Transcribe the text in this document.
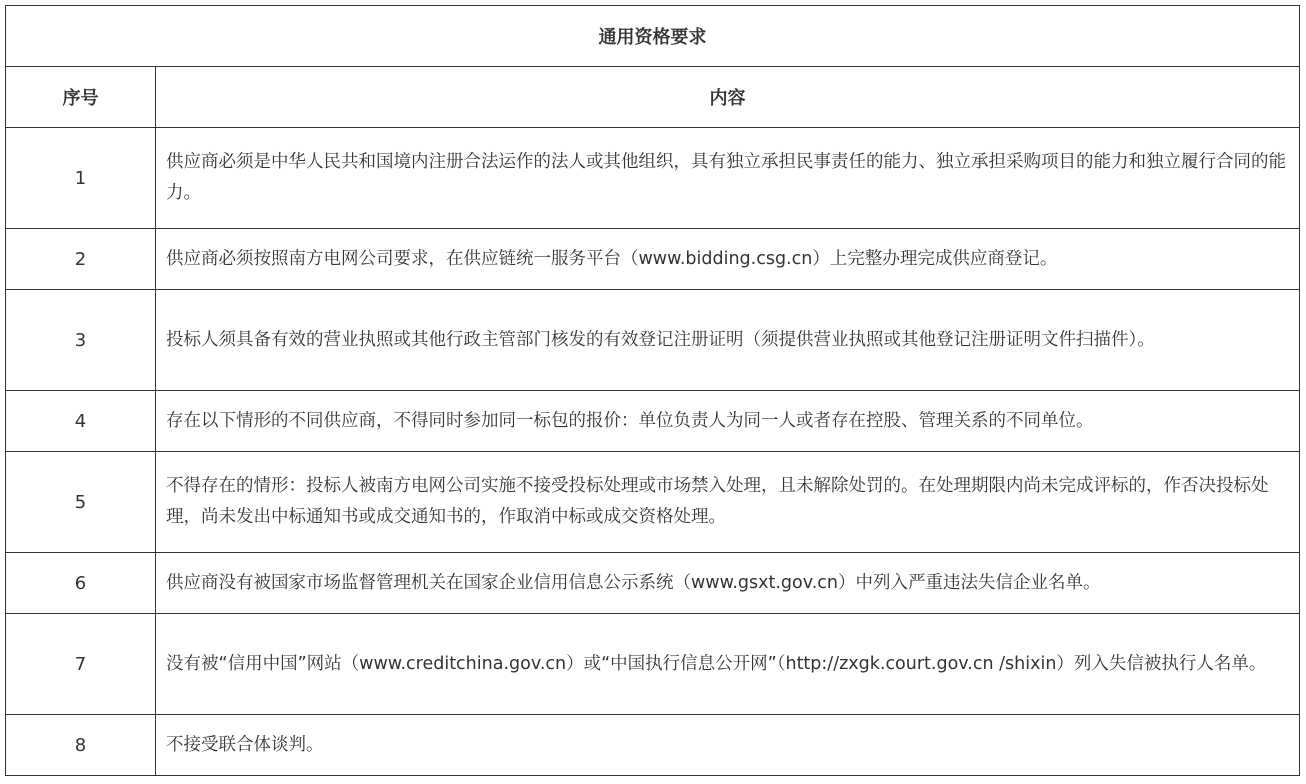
通用资格要求	
序号	内容
1	供应商必须是中华人民共和国境内注册合法运作的法人或其他组织，具有独立承担民事责任的能力、独立承担采购项目的能力和独立履行合同的能力。
2	供应商必须按照南方电网公司要求，在供应链统一服务平台（www.bidding.csg.cn）上完整办理完成供应商登记。
3	投标人须具备有效的营业执照或其他行政主管部门核发的有效登记注册证明（须提供营业执照或其他登记注册证明文件扫描件）。
4	存在以下情形的不同供应商，不得同时参加同一标包的报价：单位负责人为同一人或者存在控股、管理关系的不同单位。
5	不得存在的情形：投标人被南方电网公司实施不接受投标处理或市场禁入处理，且未解除处罚的。在处理期限内尚未完成评标的，作否决投标处理，尚未发出中标通知书或成交通知书的，作取消中标或成交资格处理。
6	供应商没有被国家市场监督管理机关在国家企业信用信息公示系统（www.gsxt.gov.cn）中列入严重违法失信企业名单。
7	没有被“信用中国”网站（www.creditchina.gov.cn）或“中国执行信息公开网”（http://zxgk.court.gov.cn /shixin）列入失信被执行人名单。
8	不接受联合体谈判。
